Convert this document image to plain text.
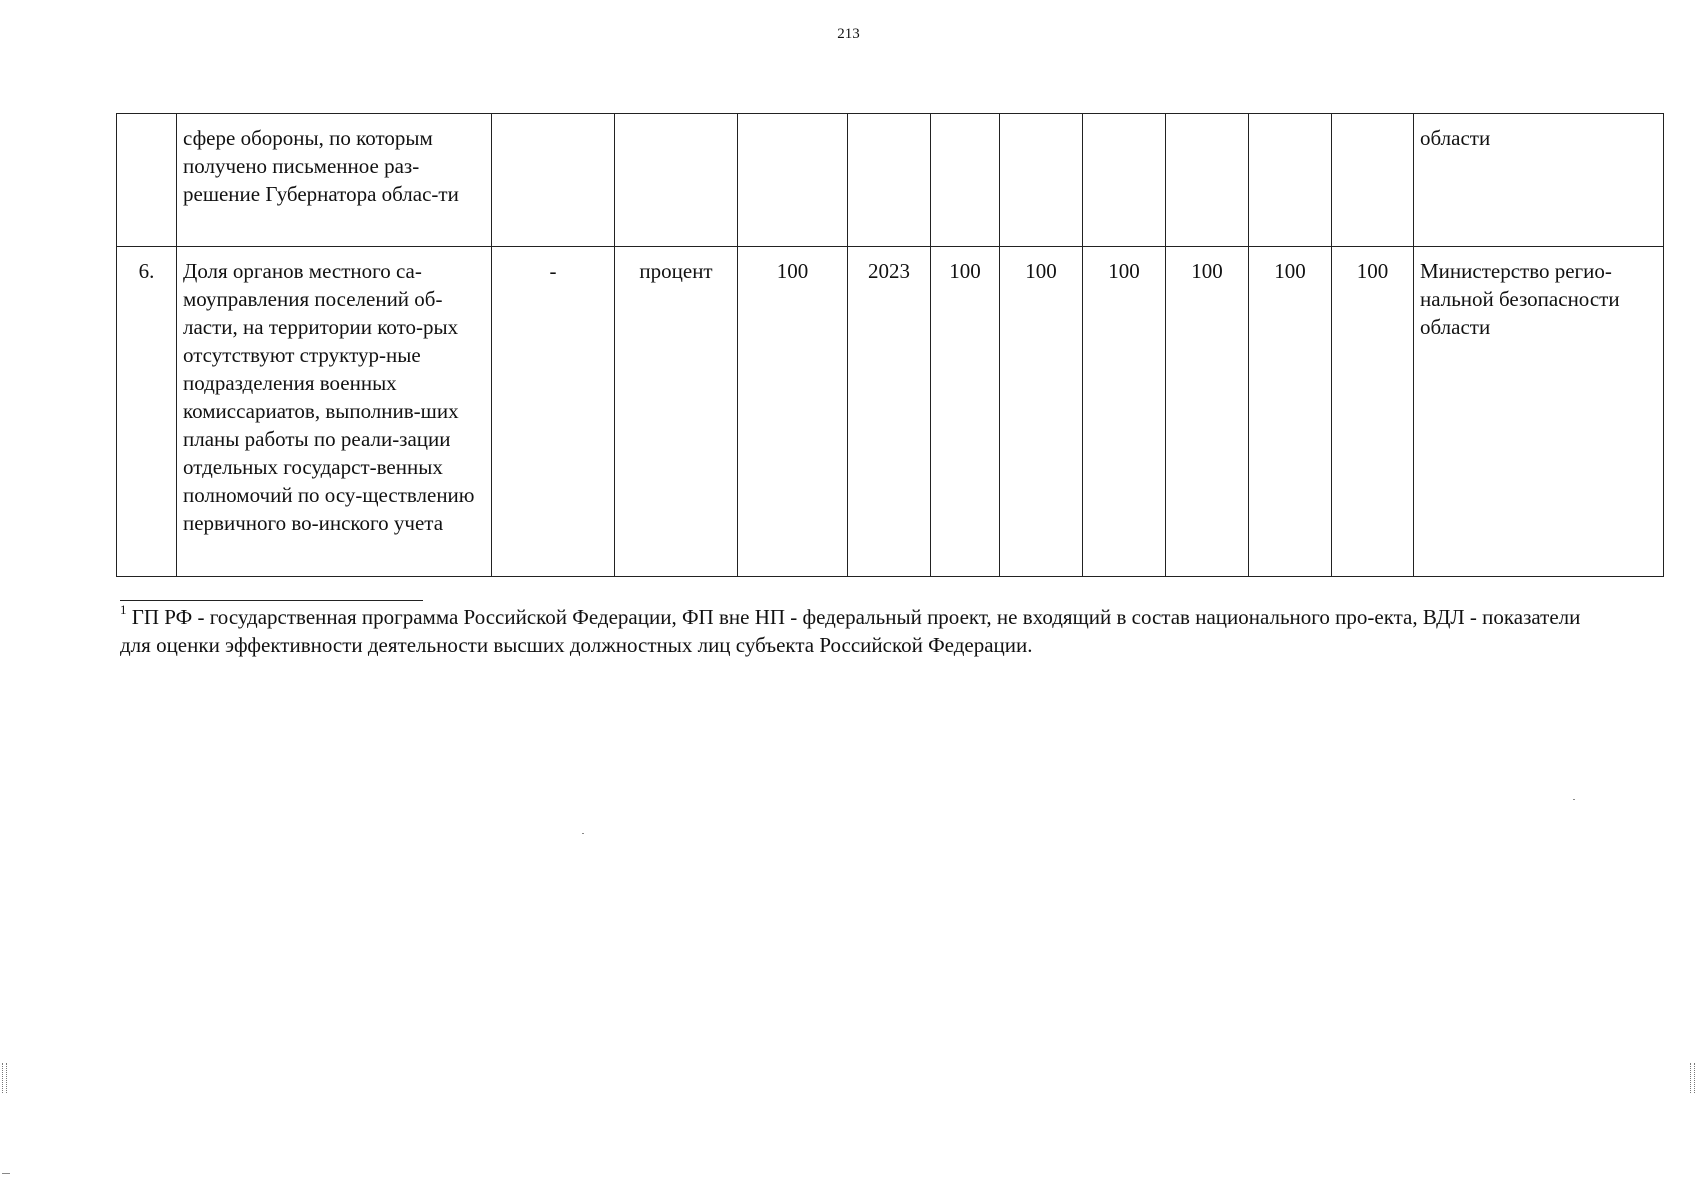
213
	сфере обороны, по которым получено письменное раз-решение Губернатора облас-ти											области
6.	Доля органов местного са-моуправления поселений об-ласти, на территории кото-рых отсутствуют структур-ные подразделения военных комиссариатов, выполнив-ших планы работы по реали-зации отдельных государст-венных полномочий по осу-ществлению первичного во-инского учета	-	процент	100	2023	100	100	100	100	100	100	Министерство регио-нальной безопасности области
$^1$ ГП РФ - государственная программа Российской Федерации, ФП вне НП - федеральный проект, не входящий в состав национального про-екта, ВДЛ - показатели для оценки эффективности деятельности высших должностных лиц субъекта Российской Федерации.
